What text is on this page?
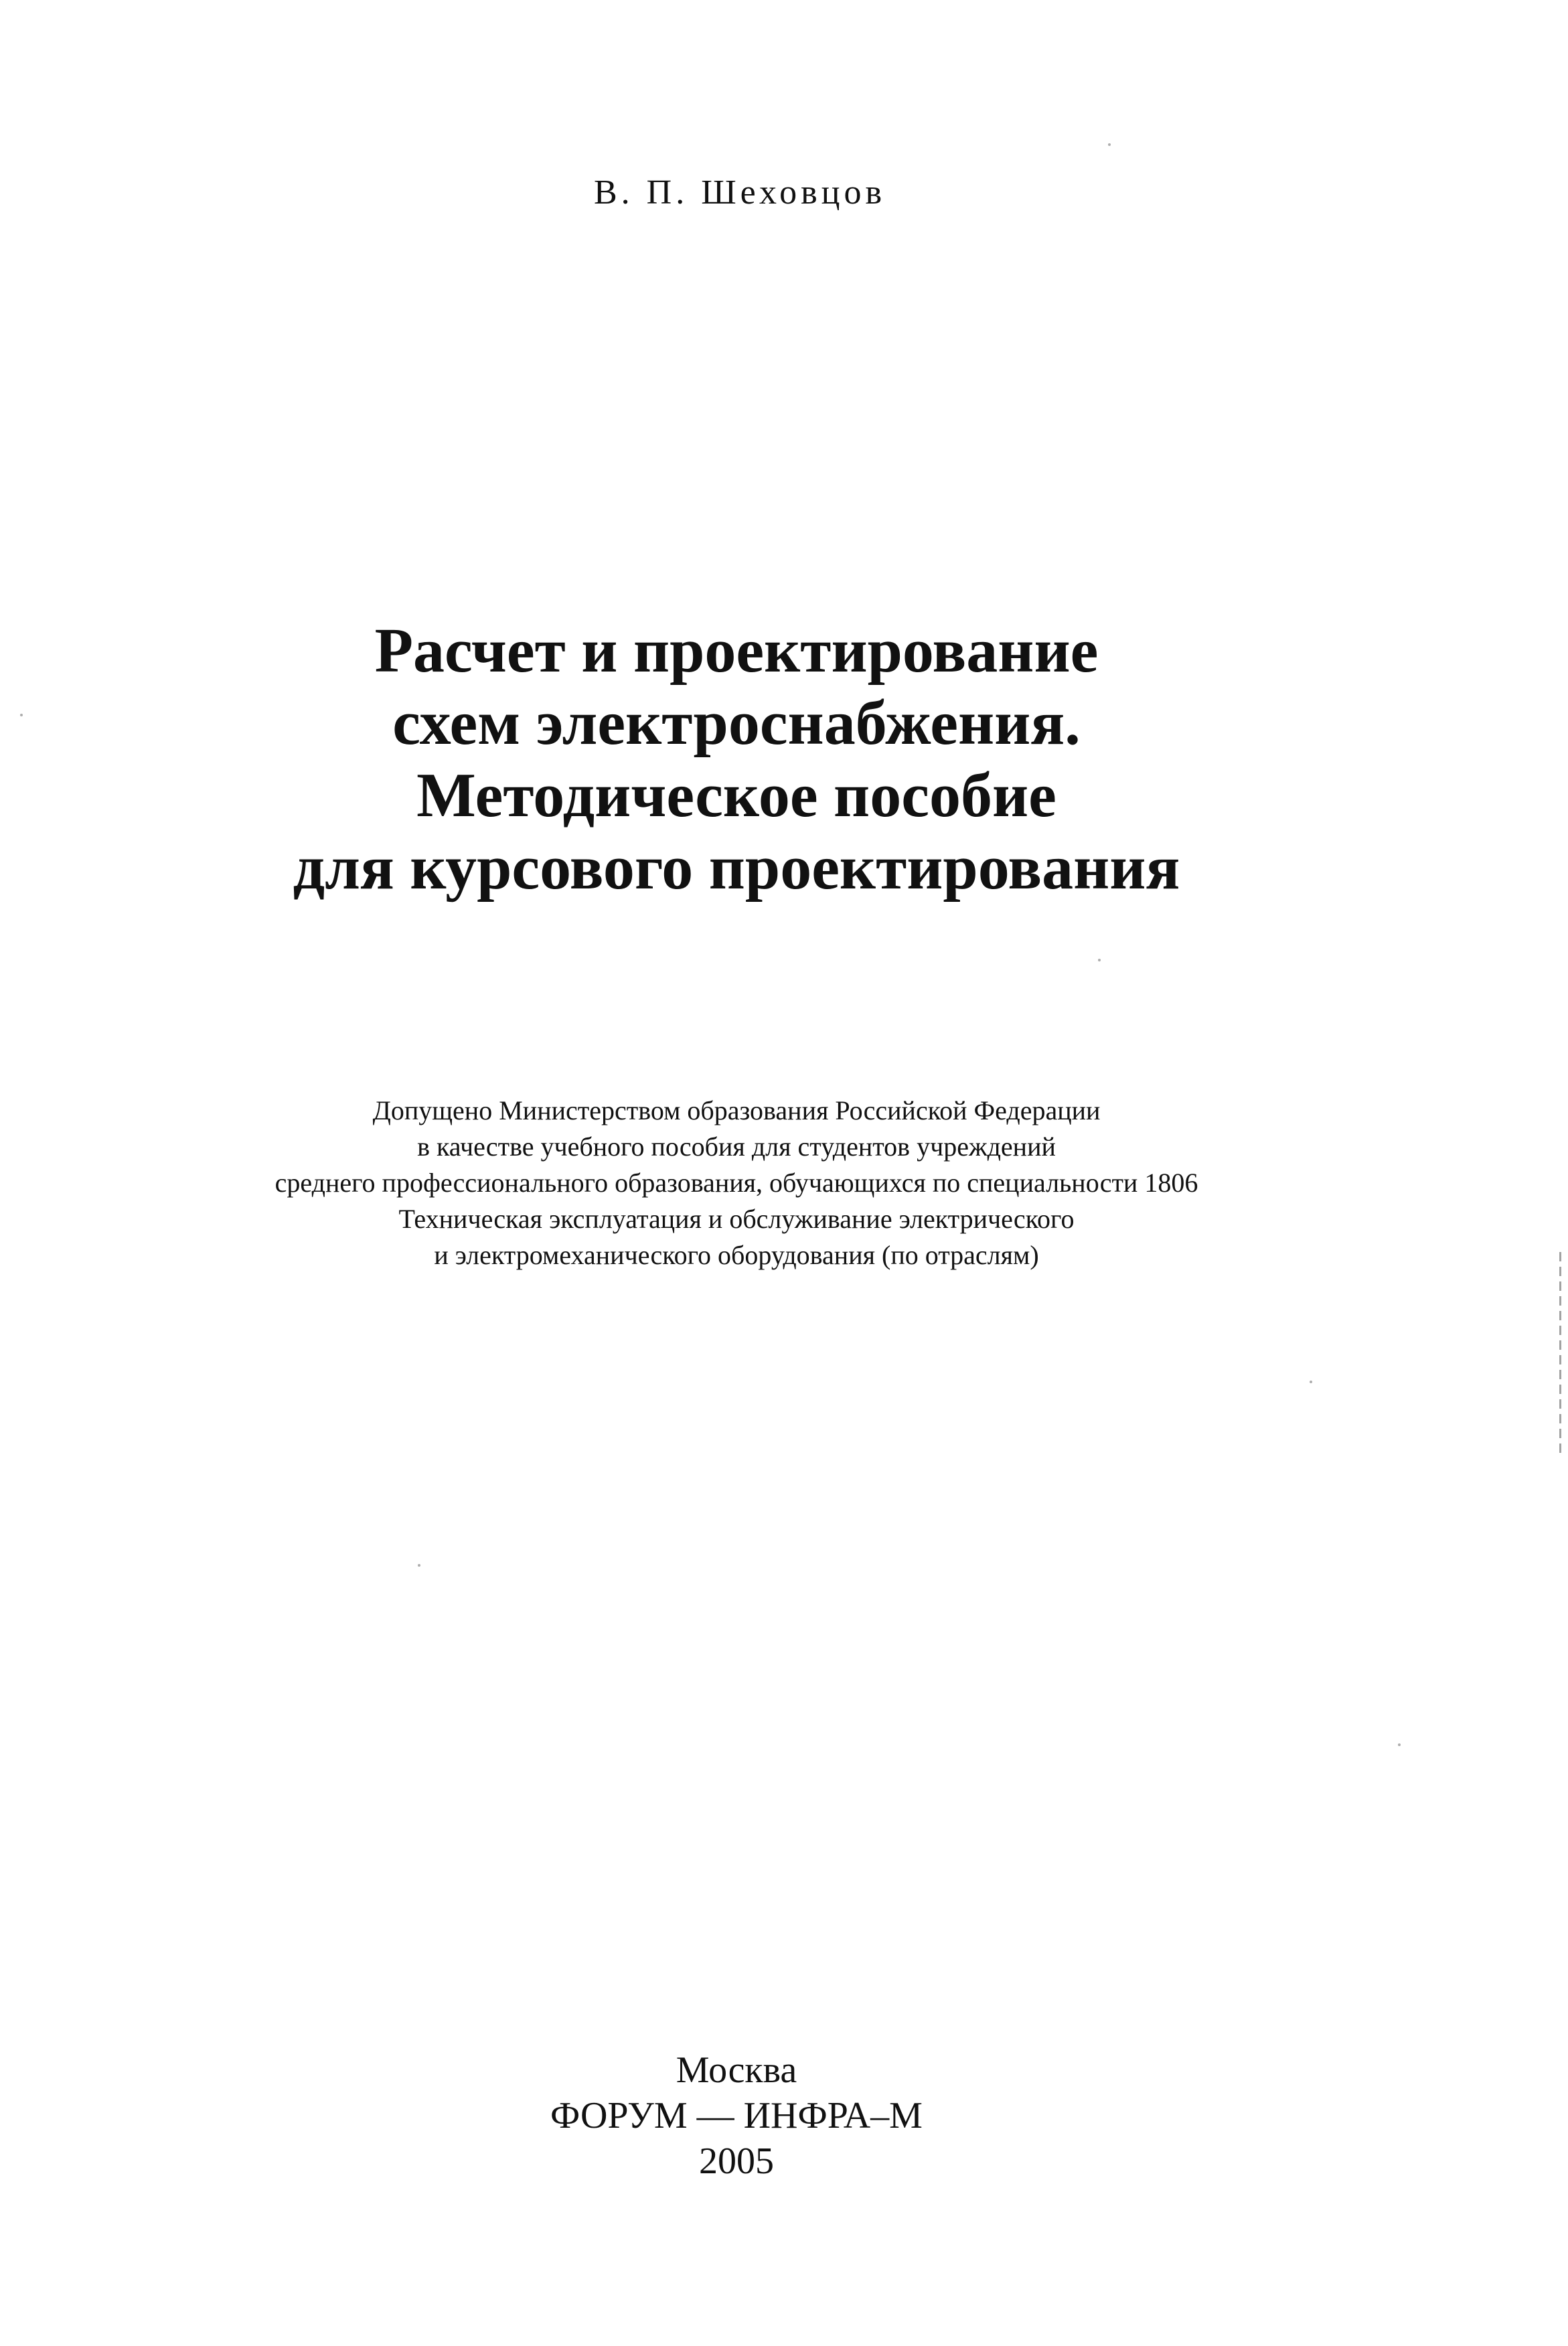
В. П. Шеховцов
Расчет и проектирование
схем электроснабжения.
Методическое пособие
для курсового проектирования
Допущено Министерством образования Российской Федерации
в качестве учебного пособия для студентов учреждений
среднего профессионального образования, обучающихся по специальности 1806
Техническая эксплуатация и обслуживание электрического
и электромеханического оборудования (по отраслям)
Москва
ФОРУМ — ИНФРА–М
2005
